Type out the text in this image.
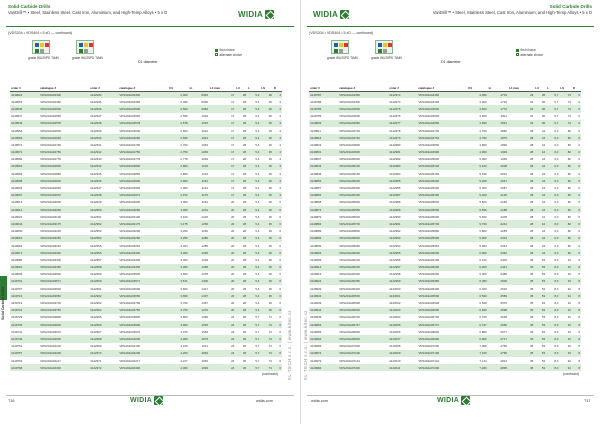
Solid Carbide Drills
VariDrill™ • Steel, Stainless Steel, Cast Iron, Aluminium, and High-Temp Alloys • 5 x D	WIDIA
(VDS204 • VDS404 • 5 xD — continued)
grade WU20PD TiAlN	grade WU25PD TiAlN
D1 diameter
first choice
alternate choice
order #	catalogue #	order #	catalogue #	D1	in	L4 max	L3	L	LS	D
4149524	VDS204A02400	4142934	VDS404A02400	2,400	.0945	17	28	5,4	36	4
4149553	VDS204A02450	4142935	VDS404A02450	2,450	.0965	17	28	5,4	36	4
4149546	VDS204A02500	4142936	VDS404A02500	2,500	.0984	17	28	5,4	36	4
4149547	VDS204A02550	4142937	VDS404A02550	2,550	.1004	17	28	5,4	36	4
4149549	VDS204A02578	4142938	VDS404A02578	2,578	.1015	17	28	5,4	36	4
4149554	VDS204A02600	4142939	VDS404A02600	2,600	.1024	17	28	5,4	36	4
4149569	VDS204A02650	4142940	VDS404A02650	2,650	.1043	17	28	5,4	36	4
4149571	VDS204A02700	4142941	VDS404A02700	2,700	.1063	17	28	5,4	36	4
4149572	VDS204A02750	4142942	VDS404A02750	2,750	.1083	17	28	5,4	36	4
4149584	VDS204A02778	4142943	VDS404A02778	2,778	.1094	17	28	5,4	36	4
4149591	VDS204A02800	4142944	VDS404A02800	2,800	.1102	17	28	5,4	36	4
4149592	VDS204A02850	4142945	VDS404A02850	2,850	.1122	17	28	5,4	36	4
4149598	VDS204A02900	4142946	VDS404A02900	2,900	.1142	17	28	5,4	36	4
4149602	VDS204A02950	4142947	VDS404A02950	2,950	.1161	17	28	5,4	36	4
4149607	VDS204A02972	4142948	VDS404A02972	2,972	.1170	17	28	5,4	36	4
4149613	VDS204A03000	4142949	VDS404A03000	3,000	.1181	20	28	5,4	36	6
4149614	VDS204A03050	4142950	VDS404A03050	3,050	.1201	20	28	5,4	36	6
4149622	VDS204A03100	4142951	VDS404A03100	3,100	.1220	20	28	5,4	36	6
4149644	VDS204A03175	4142952	VDS404A03175	3,175	.1250	20	28	5,4	36	6
4149650	VDS204A03200	4142953	VDS404A03200	3,200	.1260	20	28	5,4	36	6
4149661	VDS204A03250	4142954	VDS404A03250	3,250	.1280	20	28	5,4	36	6
4149663	VDS204A03264	4142955	VDS404A03264	3,264	.1285	20	28	5,4	36	6
4149671	VDS204A03300	4142956	VDS404A03300	3,300	.1299	20	28	5,4	36	6
4149685	VDS204A03400	4142957	VDS404A03400	3,400	.1339	20	28	5,4	36	6
4149691	VDS204A03450	4142958	VDS404A03450	3,450	.1358	20	28	5,4	36	6
4149696	VDS204A03500	4142959	VDS404A03500	3,500	.1378	20	28	5,4	36	6
4149701	VDS204A03571	4142960	VDS404A03571	3,571	.1406	20	28	5,4	36	6
4149707	VDS204A03600	4142961	VDS404A03600	3,600	.1417	20	28	5,4	36	6
4149713	VDS204A03650	4142962	VDS404A03650	3,650	.1437	20	28	5,4	36	6
4149719	VDS204A03700	4142963	VDS404A03700	3,700	.1457	20	28	5,4	36	6
4149724	VDS204A03750	4142964	VDS404A03750	3,750	.1476	20	28	5,4	36	6
4149729	VDS204A03800	4142965	VDS404A03800	3,800	.1496	24	36	5,7	74	6
4149735	VDS204A03900	4142966	VDS404A03900	3,900	.1535	24	36	5,7	74	6
4149741	VDS204A03970	4142967	VDS404A03970	3,970	.1563	24	36	5,7	74	6
4149746	VDS204A04000	4142968	VDS404A04000	4,000	.1575	24	36	5,7	74	6
4149751	VDS204A04100	4142969	VDS404A04100	4,100	.1614	24	36	5,7	74	6
4149757	VDS204A04200	4142970	VDS404A04200	4,200	.1654	24	36	5,7	74	6
4149763	VDS204A04217	4142971	VDS404A04217	4,217	.1660	24	36	5,7	74	6
4149768	VDS204A04300	4142972	VDS404A04300	4,300	.1693	24	36	5,7	74	6
(continued)
Solid Carbide Drills
KL-TECH s.r.o. | www.kltec.cz
T16	WIDIA	widia.com
Solid Carbide Drills
VariDrill™ • Steel, Stainless Steel, Cast Iron, Aluminium, and High-Temp Alloys • 5 x D
WIDIA
(VDS204 • VDS404 • 5 xD — continued)
grade WU20PD TiAlN	grade WU25PD TiAlN
D1 diameter
first choice
alternate choice
order #	catalogue #	order #	catalogue #	D1	in	L4 max	L3	L	LS	D
4149787	VDS204A04366	4142973	VDS404A04366	4,366	.1719	24	36	5,7	74	6
4149788	VDS204A04400	4142974	VDS404A04400	4,400	.1732	24	36	5,7	74	6
4149795	VDS204A04500	4142975	VDS404A04500	4,500	.1772	24	36	5,7	74	6
4149799	VDS204A04600	4142976	VDS404A04600	4,600	.1811	24	36	5,7	74	6
4149803	VDS204A04650	4142977	VDS404A04650	4,650	.1831	24	36	5,7	74	6
4149811	VDS204A04700	4142978	VDS404A04700	4,700	.1850	28	44	6,0	82	6
4149816	VDS204A04762	4142979	VDS404A04762	4,762	.1875	28	44	6,0	82	6
4149823	VDS204A04800	4142980	VDS404A04800	4,800	.1890	28	44	6,0	82	6
4149831	VDS204A04900	4142981	VDS404A04900	4,900	.1929	28	44	6,0	82	6
4149837	VDS204A05000	4142982	VDS404A05000	5,000	.1969	28	44	6,0	82	6
4149843	VDS204A05100	4142983	VDS404A05100	5,100	.2008	28	44	6,0	82	6
4149848	VDS204A05159	4142984	VDS404A05159	5,159	.2031	28	44	6,0	82	6
4149852	VDS204A05200	4142985	VDS404A05200	5,200	.2047	28	44	6,0	82	6
4149857	VDS204A05300	4142986	VDS404A05300	5,300	.2087	28	44	6,0	82	6
4149862	VDS204A05400	4142987	VDS404A05400	5,400	.2126	28	44	6,0	82	6
4149868	VDS204A05500	4142988	VDS404A05500	5,500	.2165	28	44	6,0	82	6
4149874	VDS204A05556	4142989	VDS404A05556	5,556	.2188	28	44	6,0	82	6
4149879	VDS204A05600	4142990	VDS404A05600	5,600	.2205	28	44	6,0	82	6
4149884	VDS204A05700	4142991	VDS404A05700	5,700	.2244	28	44	6,0	82	6
4149889	VDS204A05800	4142992	VDS404A05800	5,800	.2283	28	44	6,0	82	6
4149894	VDS204A05900	4142993	VDS404A05900	5,900	.2323	28	44	6,0	82	6
4149899	VDS204A05953	4142994	VDS404A05953	5,953	.2344	28	44	6,0	82	6
4149904	VDS204A06000	4142995	VDS404A06000	6,000	.2362	28	44	6,0	82	6
4149909	VDS204A06100	4142996	VDS404A06100	6,100	.2402	35	53	8,0	91	8
4149914	VDS204A06200	4142997	VDS404A06200	6,200	.2441	35	53	8,0	91	8
4149919	VDS204A06300	4142998	VDS404A06300	6,300	.2480	35	53	8,0	91	8
4149924	VDS204A06350	4142999	VDS404A06350	6,350	.2500	35	53	8,0	91	8
4149929	VDS204A06400	4143000	VDS404A06400	6,400	.2520	35	53	8,0	91	8
4149934	VDS204A06500	4143001	VDS404A06500	6,500	.2559	35	53	8,0	91	8
4149939	VDS204A06528	4143002	VDS404A06528	6,528	.2570	35	53	8,0	91	8
4149944	VDS204A06600	4143003	VDS404A06600	6,600	.2598	35	53	8,0	91	8
4149949	VDS204A06700	4143004	VDS404A06700	6,700	.2638	35	53	8,0	91	8
4149954	VDS204A06747	4143005	VDS404A06747	6,747	.2656	35	53	8,0	91	8
4149959	VDS204A06800	4143006	VDS404A06800	6,800	.2677	35	53	8,0	91	8
4149964	VDS204A06900	4143007	VDS404A06900	6,900	.2717	35	53	8,0	91	8
4149969	VDS204A07000	4143008	VDS404A07000	7,000	.2756	35	53	8,0	91	8
4149974	VDS204A07100	4143009	VDS404A07100	7,100	.2795	35	53	8,0	91	8
4149979	VDS204A07144	4143010	VDS404A07144	7,144	.2813	35	53	8,0	91	8
4149984	VDS204A07200	4143011	VDS404A07200	7,200	.2835	35	53	8,0	91	8
(continued)
KL-TECH s.r.o. | www.kltec.cz
widia.com	WIDIA	T17
